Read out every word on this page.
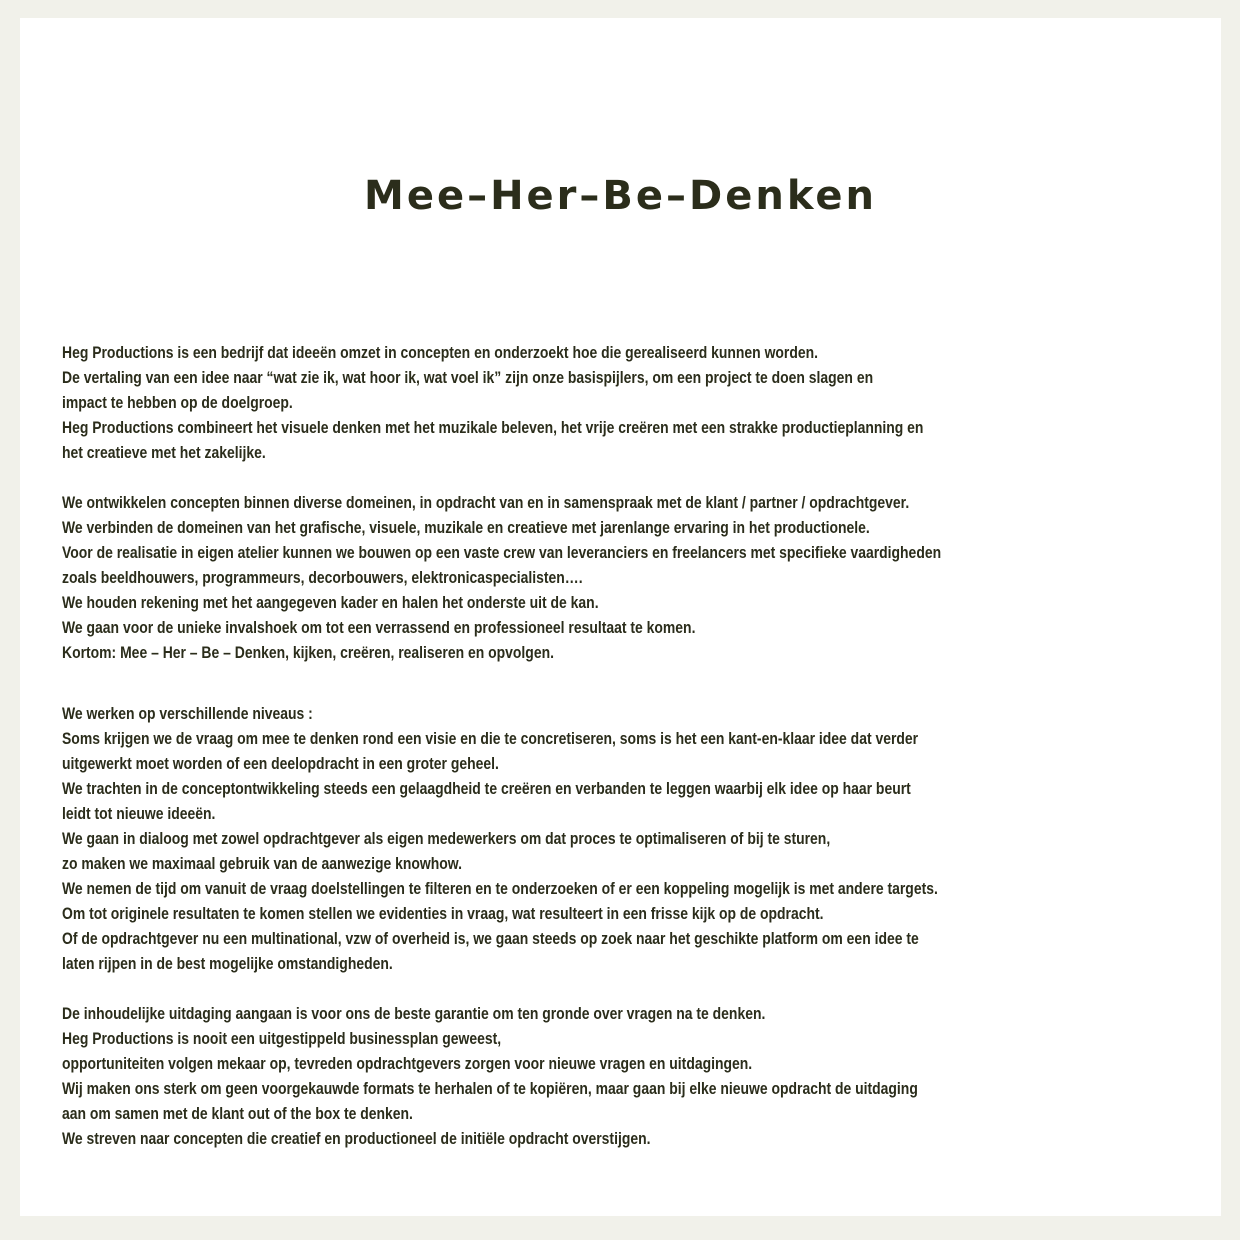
Mee–Her–Be–Denken

Heg Productions is een bedrijf dat ideeën omzet in concepten en onderzoekt hoe die gerealiseerd kunnen worden.
De vertaling van een idee naar “wat zie ik, wat hoor ik, wat voel ik” zijn onze basispijlers, om een project te doen slagen en
impact te hebben op de doelgroep.
Heg Productions combineert het visuele denken met het muzikale beleven, het vrije creëren met een strakke productieplanning en
het creatieve met het zakelijke.

We ontwikkelen concepten binnen diverse domeinen, in opdracht van en in samenspraak met de klant / partner / opdrachtgever.
We verbinden de domeinen van het grafische, visuele, muzikale en creatieve met jarenlange ervaring in het productionele.
Voor de realisatie in eigen atelier kunnen we bouwen op een vaste crew van leveranciers en freelancers met specifieke vaardigheden
zoals beeldhouwers, programmeurs, decorbouwers, elektronicaspecialisten….
We houden rekening met het aangegeven kader en halen het onderste uit de kan.
We gaan voor de unieke invalshoek om tot een verrassend en professioneel resultaat te komen.
Kortom: Mee – Her – Be – Denken, kijken, creëren, realiseren en opvolgen.

We werken op verschillende niveaus :
Soms krijgen we de vraag om mee te denken rond een visie en die te concretiseren, soms is het een kant-en-klaar idee dat verder
uitgewerkt moet worden of een deelopdracht in een groter geheel.
We trachten in de conceptontwikkeling steeds een gelaagdheid te creëren en verbanden te leggen waarbij elk idee op haar beurt
leidt tot nieuwe ideeën.
We gaan in dialoog met zowel opdrachtgever als eigen medewerkers om dat proces te optimaliseren of bij te sturen,
zo maken we maximaal gebruik van de aanwezige knowhow.
We nemen de tijd om vanuit de vraag doelstellingen te filteren en te onderzoeken of er een koppeling mogelijk is met andere targets.
Om tot originele resultaten te komen stellen we evidenties in vraag, wat resulteert in een frisse kijk op de opdracht.
Of de opdrachtgever nu een multinational, vzw of overheid is, we gaan steeds op zoek naar het geschikte platform om een idee te
laten rijpen in de best mogelijke omstandigheden.

De inhoudelijke uitdaging aangaan is voor ons de beste garantie om ten gronde over vragen na te denken.
Heg Productions is nooit een uitgestippeld businessplan geweest,
opportuniteiten volgen mekaar op, tevreden opdrachtgevers zorgen voor nieuwe vragen en uitdagingen.
Wij maken ons sterk om geen voorgekauwde formats te herhalen of te kopiëren, maar gaan bij elke nieuwe opdracht de uitdaging
aan om samen met de klant out of the box te denken.
We streven naar concepten die creatief en productioneel de initiële opdracht overstijgen.
